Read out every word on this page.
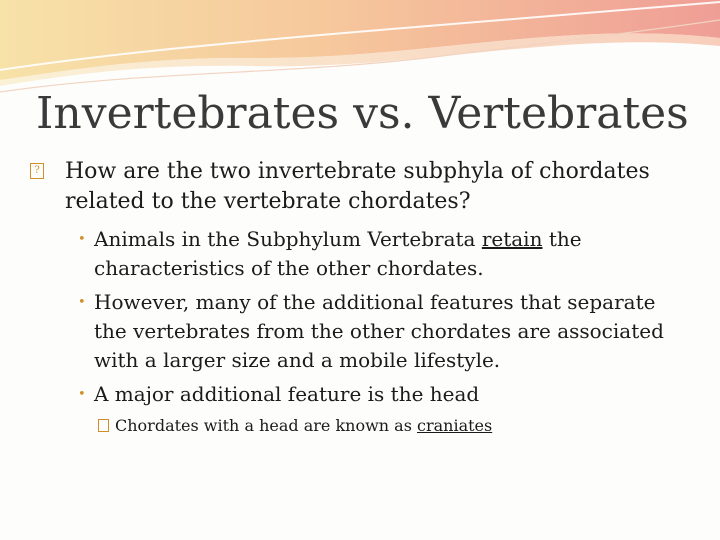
Invertebrates vs. Vertebrates
?	How are the two invertebrate subphyla of chordates
related to the vertebrate chordates?
• Animals in the Subphylum Vertebrata retain the characteristics of the other chordates.
• However, many of the additional features that separate the vertebrates from the other chordates are associated with a larger size and a mobile lifestyle.
• A major additional feature is the head
Chordates with a head are known as craniates
